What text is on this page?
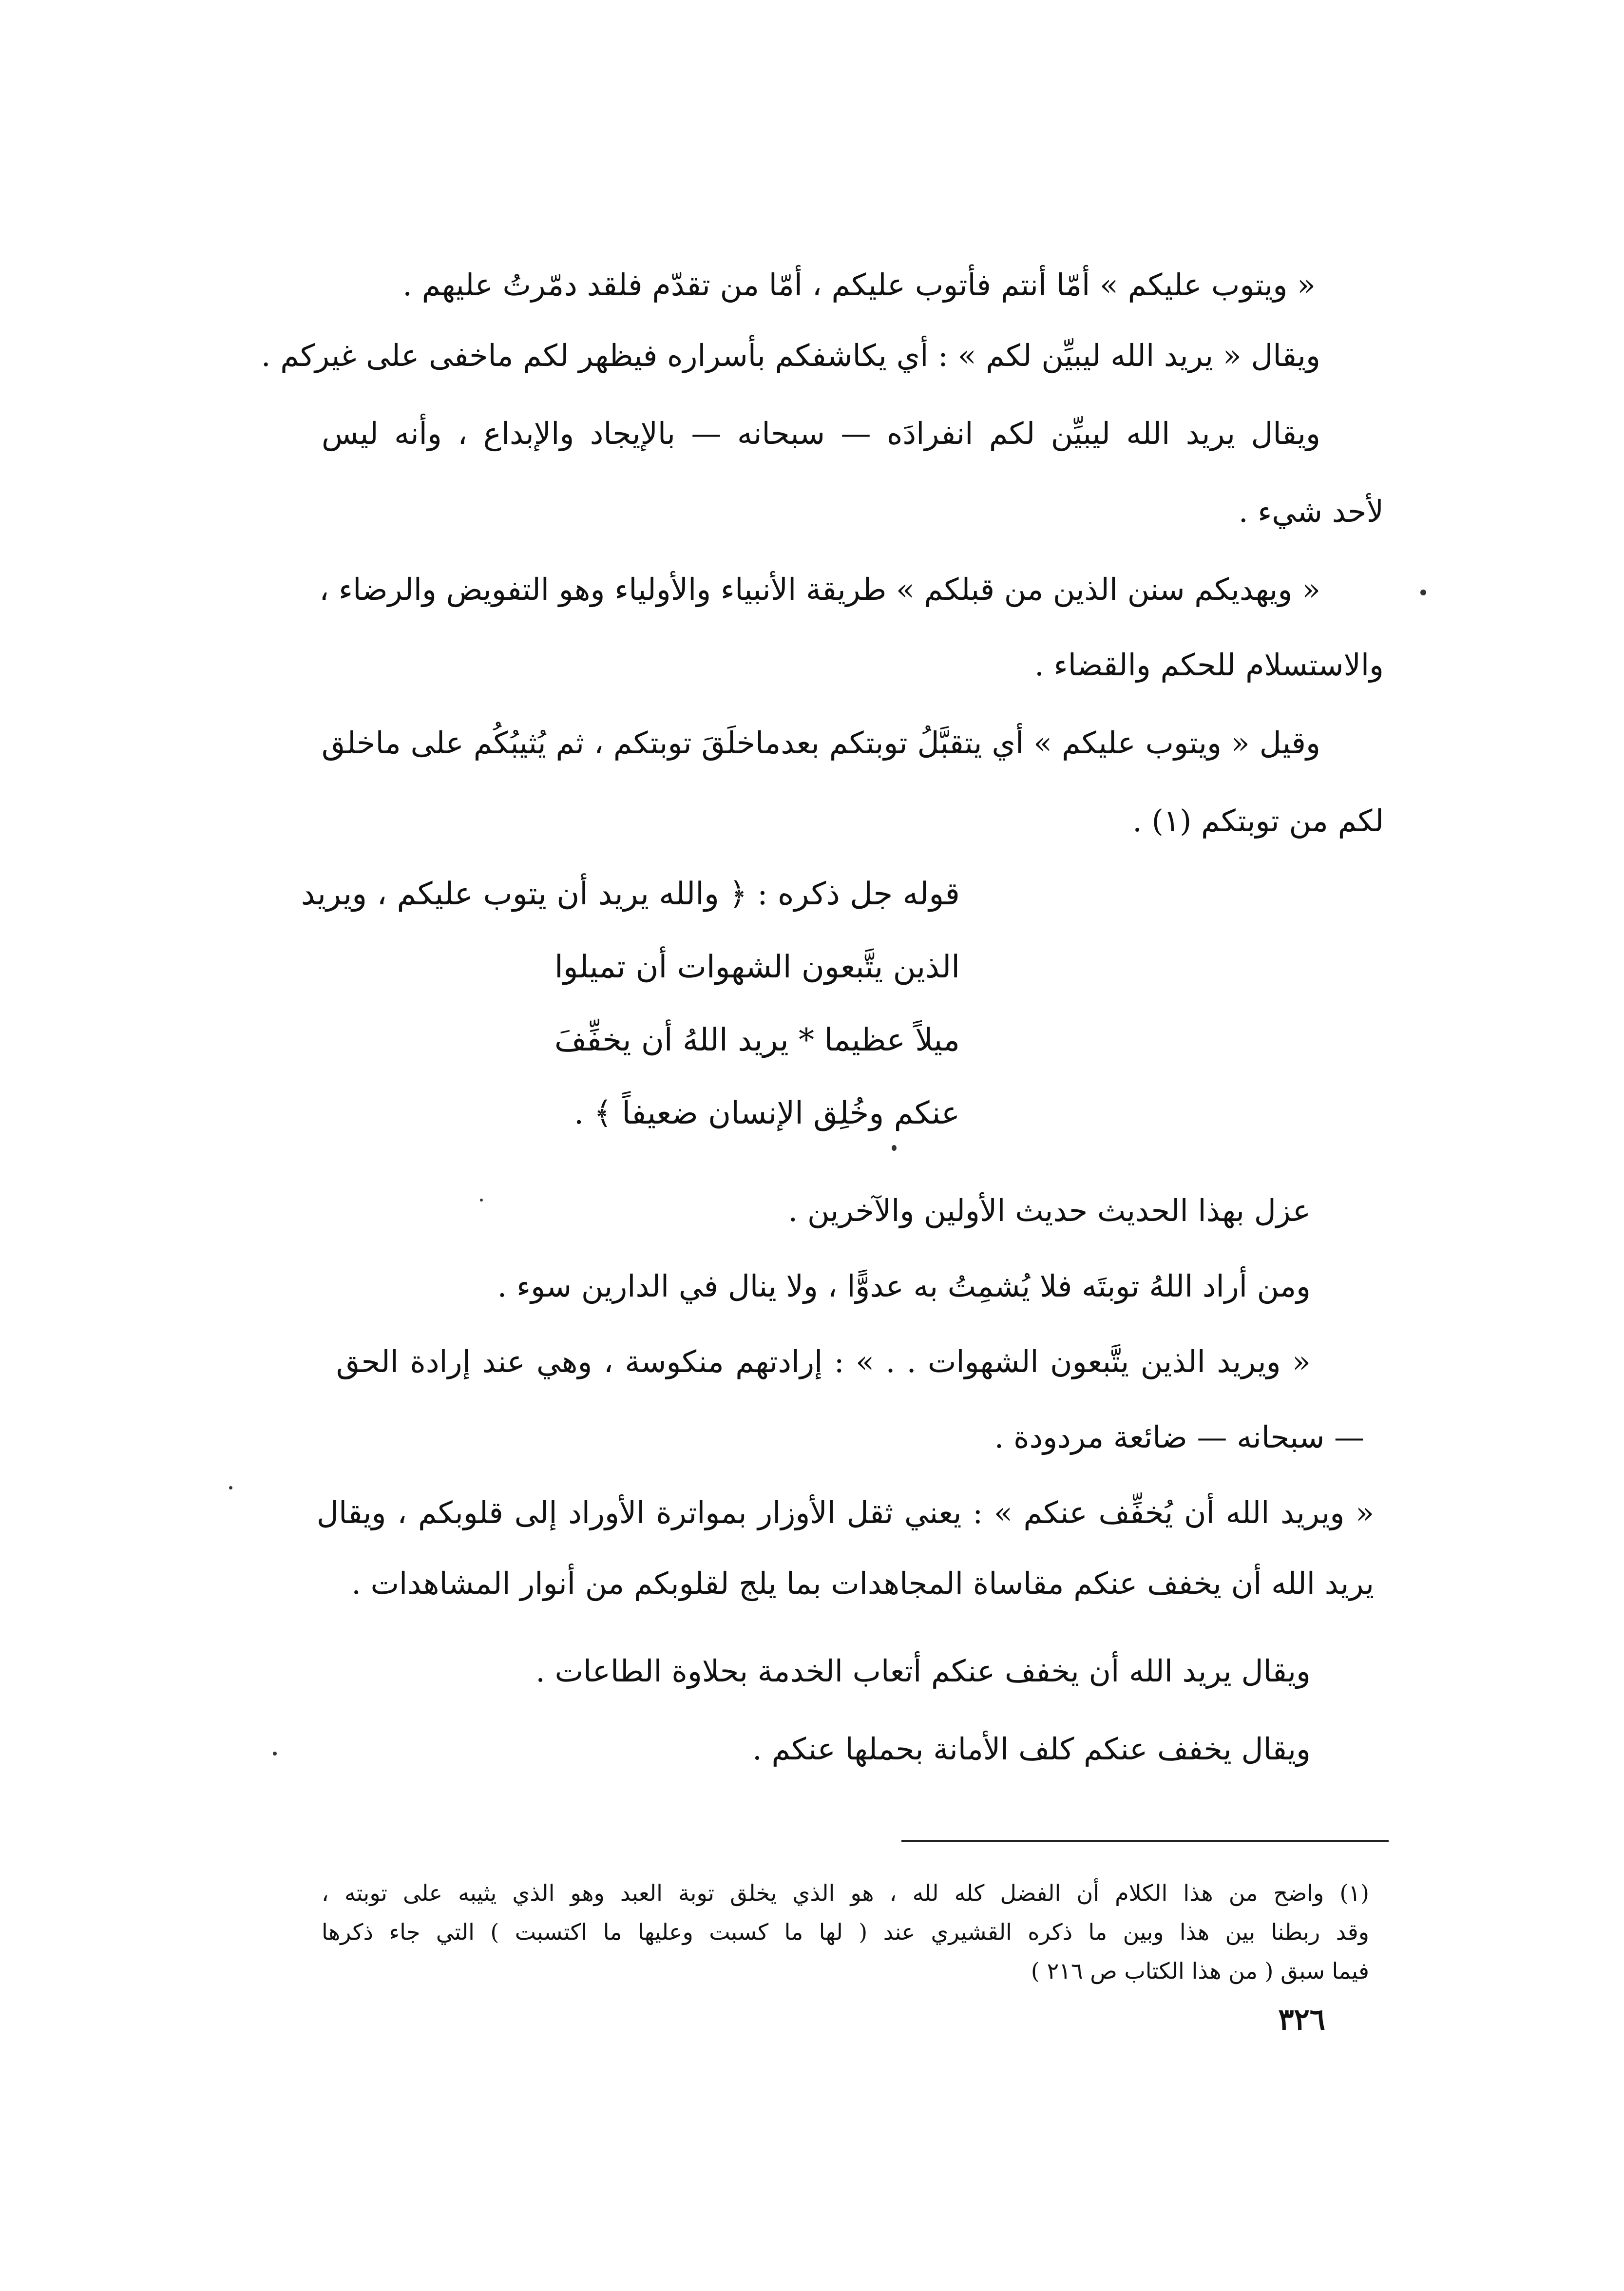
« ويتوب عليكم » أمّا أنتم فأتوب عليكم ، أمّا من تقدّم فلقد دمّرتُ عليهم .
ويقال « يريد الله ليبيِّن لكم » : أي يكاشفكم بأسراره فيظهر لكم ماخفى على غيركم .
ويقال يريد الله ليبيِّن لكم انفرادَه — سبحانه — بالإيجاد والإبداع ، وأنه ليس
لأحد شيء .
« ويهديكم سنن الذين من قبلكم » طريقة الأنبياء والأولياء وهو التفويض والرضاء ،
والاستسلام للحكم والقضاء .
وقيل « ويتوب عليكم » أي يتقبَّلُ توبتكم بعدماخلَقَ توبتكم ، ثم يُثيبُكُم على ماخلق
لكم من توبتكم (١) .
قوله جل ذكره : ﴿ والله يريد أن يتوب عليكم ، ويريد
الذين يتَّبعون الشهوات أن تميلوا
ميلاً عظيما * يريد اللهُ أن يخفِّفَ
عنكم وخُلِق الإنسان ضعيفاً ﴾ .
عزل بهذا الحديث حديث الأولين والآخرين .
ومن أراد اللهُ توبتَه فلا يُشمِتُ به عدوًّا ، ولا ينال في الدارين سوء .
« ويريد الذين يتَّبعون الشهوات . . » : إرادتهم منكوسة ، وهي عند إرادة الحق
— سبحانه — ضائعة مردودة .
« ويريد الله أن يُخفِّف عنكم » : يعني ثقل الأوزار بمواترة الأوراد إلى قلوبكم ، ويقال
يريد الله أن يخفف عنكم مقاساة المجاهدات بما يلج لقلوبكم من أنوار المشاهدات .
ويقال يريد الله أن يخفف عنكم أتعاب الخدمة بحلاوة الطاعات .
ويقال يخفف عنكم كلف الأمانة بحملها عنكم .
(١) واضح من هذا الكلام أن الفضل كله لله ، هو الذي يخلق توبة العبد وهو الذي يثيبه على توبته ،
وقد ربطنا بين هذا وبين ما ذكره القشيري عند ( لها ما كسبت وعليها ما اكتسبت ) التي جاء ذكرها
فيما سبق ( من هذا الكتاب ص ٢١٦ )
٣٢٦
